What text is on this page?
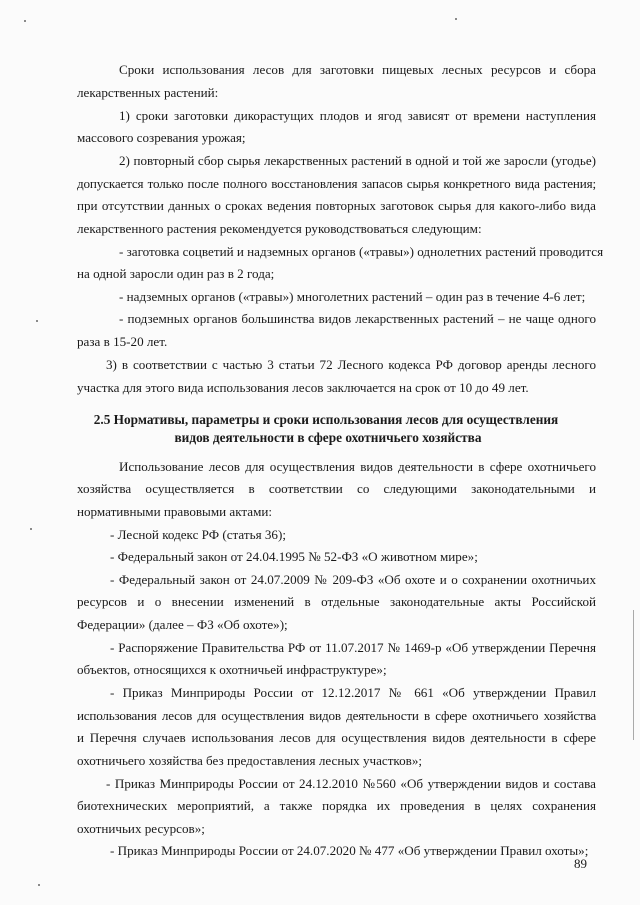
Сроки использования лесов для заготовки пищевых лесных ресурсов и сбора
лекарственных растений:
1) сроки заготовки дикорастущих плодов и ягод зависят от времени наступления
массового созревания урожая;
2) повторный сбор сырья лекарственных растений в одной и той же заросли (угодье)
допускается только после полного восстановления запасов сырья конкретного вида растения;
при отсутствии данных о сроках ведения повторных заготовок сырья для какого-либо вида
лекарственного растения рекомендуется руководствоваться следующим:
- заготовка соцветий и надземных органов («травы») однолетних растений проводится
на одной заросли один раз в 2 года;
- надземных органов («травы») многолетних растений – один раз в течение 4-6 лет;
- подземных органов большинства видов лекарственных растений – не чаще одного
раза в 15-20 лет.
3) в соответствии с частью 3 статьи 72 Лесного кодекса РФ договор аренды лесного
участка для этого вида использования лесов заключается на срок от 10 до 49 лет.
2.5 Нормативы, параметры и сроки использования лесов для осуществления
видов деятельности в сфере охотничьего хозяйства
Использование лесов для осуществления видов деятельности в сфере охотничьего
хозяйства осуществляется в соответствии со следующими законодательными и
нормативными правовыми актами:
- Лесной кодекс РФ (статья 36);
- Федеральный закон от 24.04.1995 № 52-ФЗ «О животном мире»;
- Федеральный закон от 24.07.2009 № 209-ФЗ «Об охоте и о сохранении охотничьих
ресурсов и о внесении изменений в отдельные законодательные акты Российской
Федерации» (далее – ФЗ «Об охоте»);
- Распоряжение Правительства РФ от 11.07.2017 № 1469-р «Об утверждении Перечня
объектов, относящихся к охотничьей инфраструктуре»;
- Приказ Минприроды России от 12.12.2017 № 661 «Об утверждении Правил
использования лесов для осуществления видов деятельности в сфере охотничьего хозяйства
и Перечня случаев использования лесов для осуществления видов деятельности в сфере
охотничьего хозяйства без предоставления лесных участков»;
- Приказ Минприроды России от 24.12.2010 №560 «Об утверждении видов и состава
биотехнических мероприятий, а также порядка их проведения в целях сохранения
охотничьих ресурсов»;
- Приказ Минприроды России от 24.07.2020 № 477 «Об утверждении Правил охоты»;
89
